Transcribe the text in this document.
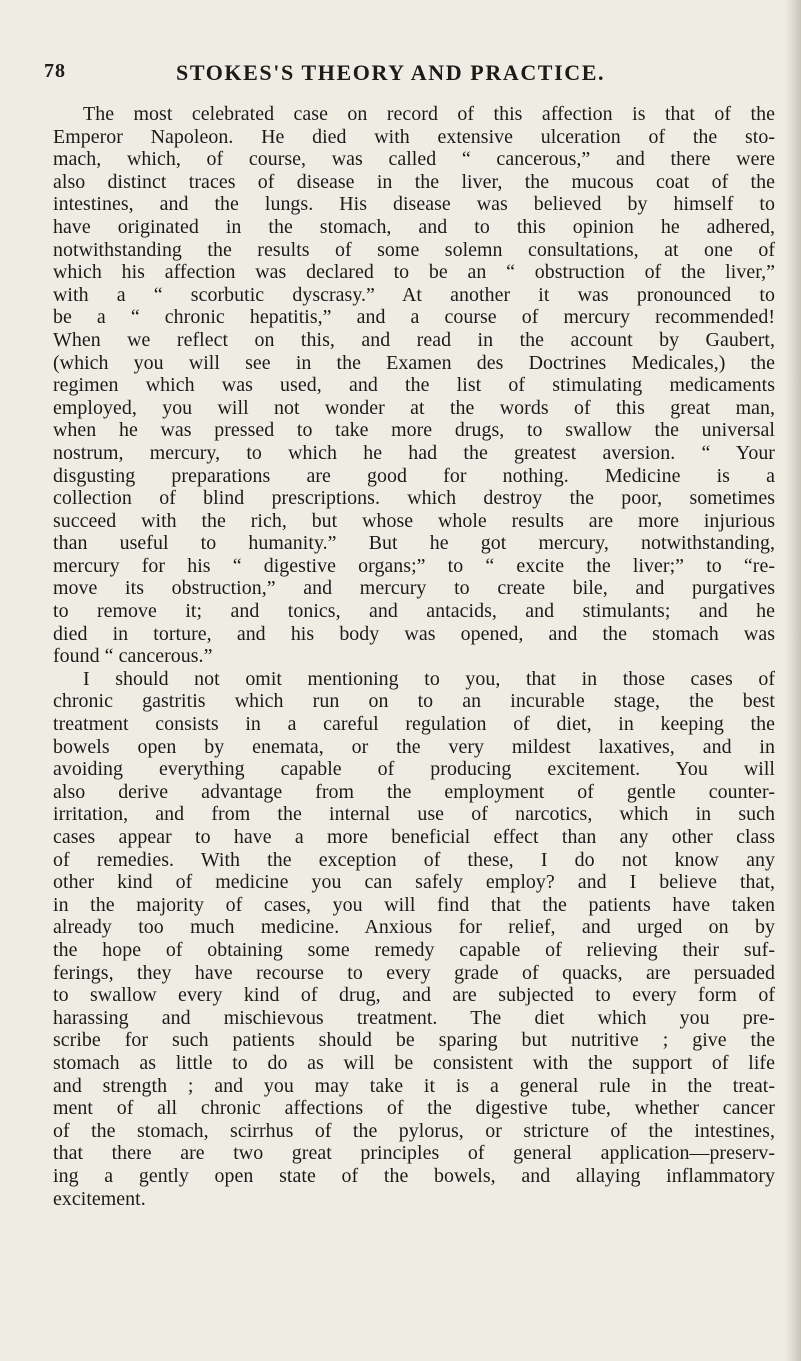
78	STOKES'S THEORY AND PRACTICE.
The most celebrated case on record of this affection is that of the
Emperor Napoleon. He died with extensive ulceration of the sto-
mach, which, of course, was called “ cancerous,” and there were
also distinct traces of disease in the liver, the mucous coat of the
intestines, and the lungs. His disease was believed by himself to
have originated in the stomach, and to this opinion he adhered,
notwithstanding the results of some solemn consultations, at one of
which his affection was declared to be an “ obstruction of the liver,”
with a “ scorbutic dyscrasy.” At another it was pronounced to
be a “ chronic hepatitis,” and a course of mercury recommended!
When we reflect on this, and read in the account by Gaubert,
(which you will see in the Examen des Doctrines Medicales,) the
regimen which was used, and the list of stimulating medicaments
employed, you will not wonder at the words of this great man,
when he was pressed to take more drugs, to swallow the universal
nostrum, mercury, to which he had the greatest aversion. “ Your
disgusting preparations are good for nothing. Medicine is a
collection of blind prescriptions. which destroy the poor, sometimes
succeed with the rich, but whose whole results are more injurious
than useful to humanity.” But he got mercury, notwithstanding,
mercury for his “ digestive organs;” to “ excite the liver;” to “re-
move its obstruction,” and mercury to create bile, and purgatives
to remove it; and tonics, and antacids, and stimulants; and he
died in torture, and his body was opened, and the stomach was
found “ cancerous.”
I should not omit mentioning to you, that in those cases of
chronic gastritis which run on to an incurable stage, the best
treatment consists in a careful regulation of diet, in keeping the
bowels open by enemata, or the very mildest laxatives, and in
avoiding everything capable of producing excitement. You will
also derive advantage from the employment of gentle counter-
irritation, and from the internal use of narcotics, which in such
cases appear to have a more beneficial effect than any other class
of remedies. With the exception of these, I do not know any
other kind of medicine you can safely employ? and I believe that,
in the majority of cases, you will find that the patients have taken
already too much medicine. Anxious for relief, and urged on by
the hope of obtaining some remedy capable of relieving their suf-
ferings, they have recourse to every grade of quacks, are persuaded
to swallow every kind of drug, and are subjected to every form of
harassing and mischievous treatment. The diet which you pre-
scribe for such patients should be sparing but nutritive ; give the
stomach as little to do as will be consistent with the support of life
and strength ; and you may take it is a general rule in the treat-
ment of all chronic affections of the digestive tube, whether cancer
of the stomach, scirrhus of the pylorus, or stricture of the intestines,
that there are two great principles of general application—preserv-
ing a gently open state of the bowels, and allaying inflammatory
excitement.
